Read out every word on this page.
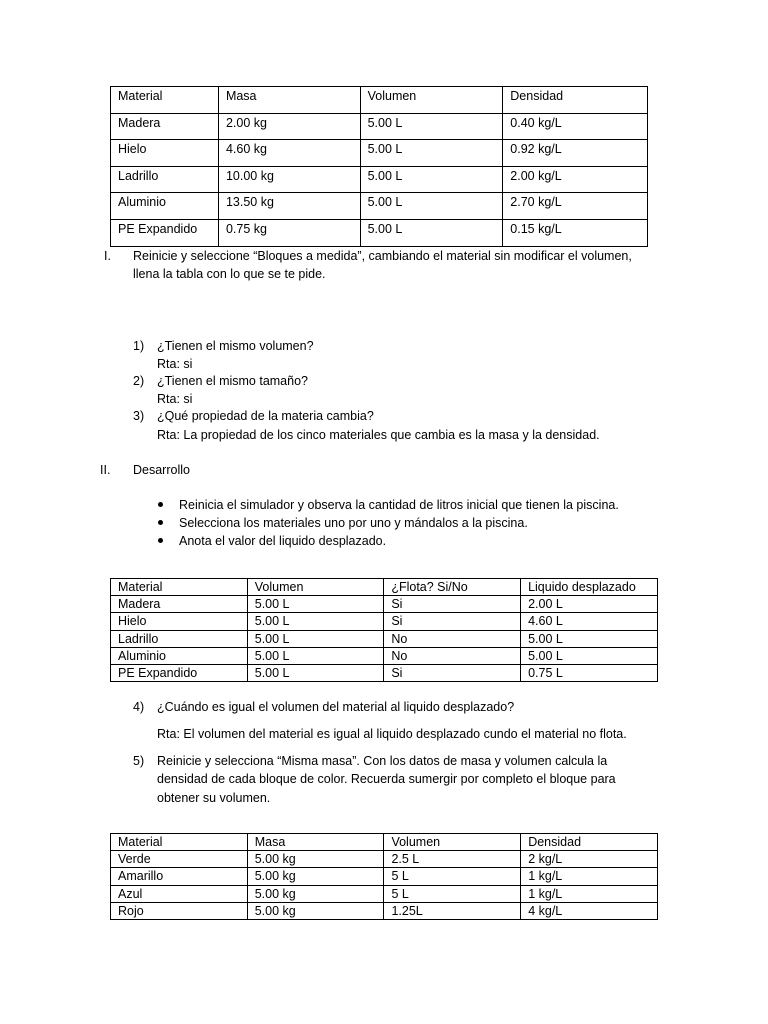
Material	Masa	Volumen	Densidad
Madera	2.00 kg	5.00 L	0.40 kg/L
Hielo	4.60 kg	5.00 L	0.92 kg/L
Ladrillo	10.00 kg	5.00 L	2.00 kg/L
Aluminio	13.50 kg	5.00 L	2.70 kg/L
PE Expandido	0.75 kg	5.00 L	0.15 kg/L
I. Reinicie y seleccione “Bloques a medida”, cambiando el material sin modificar el volumen,
llena la tabla con lo que se te pide.
1) ¿Tienen el mismo volumen?
Rta: si
2) ¿Tienen el mismo tamaño?
Rta: si
3) ¿Qué propiedad de la materia cambia?
Rta: La propiedad de los cinco materiales que cambia es la masa y la densidad.
II. Desarrollo
Reinicia el simulador y observa la cantidad de litros inicial que tienen la piscina.
Selecciona los materiales uno por uno y mándalos a la piscina.
Anota el valor del liquido desplazado.
Material	Volumen	¿Flota? Si/No	Liquido desplazado
Madera	5.00 L	Si	2.00 L
Hielo	5.00 L	Si	4.60 L
Ladrillo	5.00 L	No	5.00 L
Aluminio	5.00 L	No	5.00 L
PE Expandido	5.00 L	Si	0.75 L
4) ¿Cuándo es igual el volumen del material al liquido desplazado?
Rta: El volumen del material es igual al liquido desplazado cundo el material no flota.
5) Reinicie y selecciona “Misma masa”. Con los datos de masa y volumen calcula la
densidad de cada bloque de color. Recuerda sumergir por completo el bloque para
obtener su volumen.
Material	Masa	Volumen	Densidad
Verde	5.00 kg	2.5 L	2 kg/L
Amarillo	5.00 kg	5 L	1 kg/L
Azul	5.00 kg	5 L	1 kg/L
Rojo	5.00 kg	1.25L	4 kg/L
